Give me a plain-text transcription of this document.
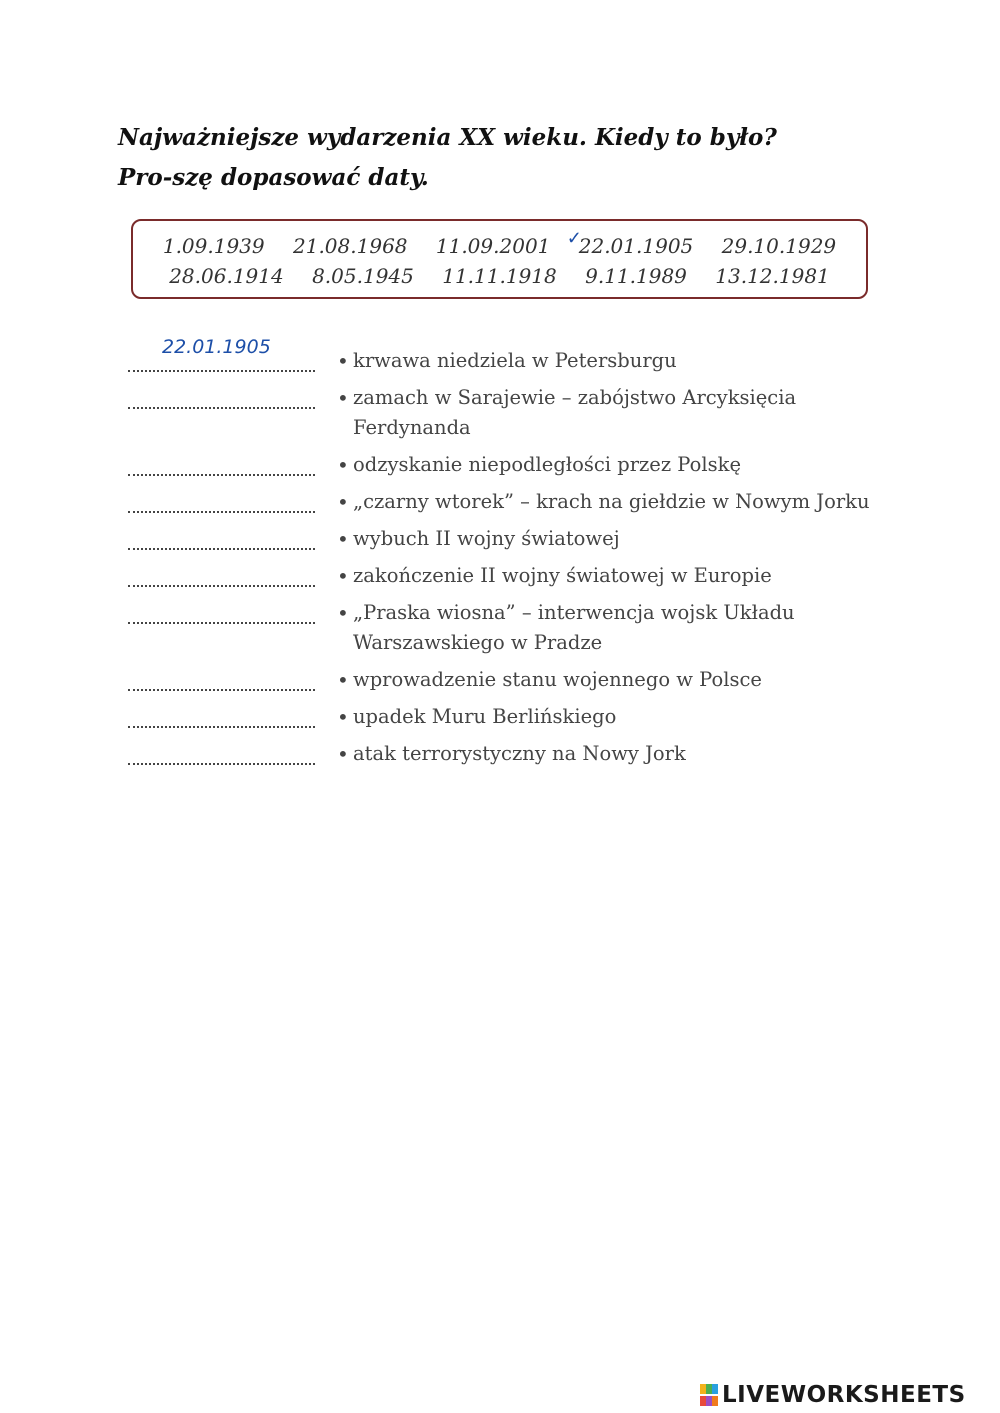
Najważniejsze wydarzenia XX wieku. Kiedy to było? Pro-szę dopasować daty.
1.09.1939 21.08.1968 11.09.2001 ✓
22.01.1905 29.10.1929
28.06.1914 8.05.1945 11.11.1918 9.11.1989 13.12.1981
22.01.1905
• krwawa niedziela w Petersburgu
• zamach w Sarajewie – zabójstwo Arcyksięcia Ferdynanda
• odzyskanie niepodległości przez Polskę
• „czarny wtorek” – krach na giełdzie w Nowym Jorku
• wybuch II wojny światowej
• zakończenie II wojny światowej w Europie
• „Praska wiosna” – interwencja wojsk Układu Warszawskiego w Pradze
• wprowadzenie stanu wojennego w Polsce
• upadek Muru Berlińskiego
• atak terrorystyczny na Nowy Jork
LIVEWORKSHEETS
